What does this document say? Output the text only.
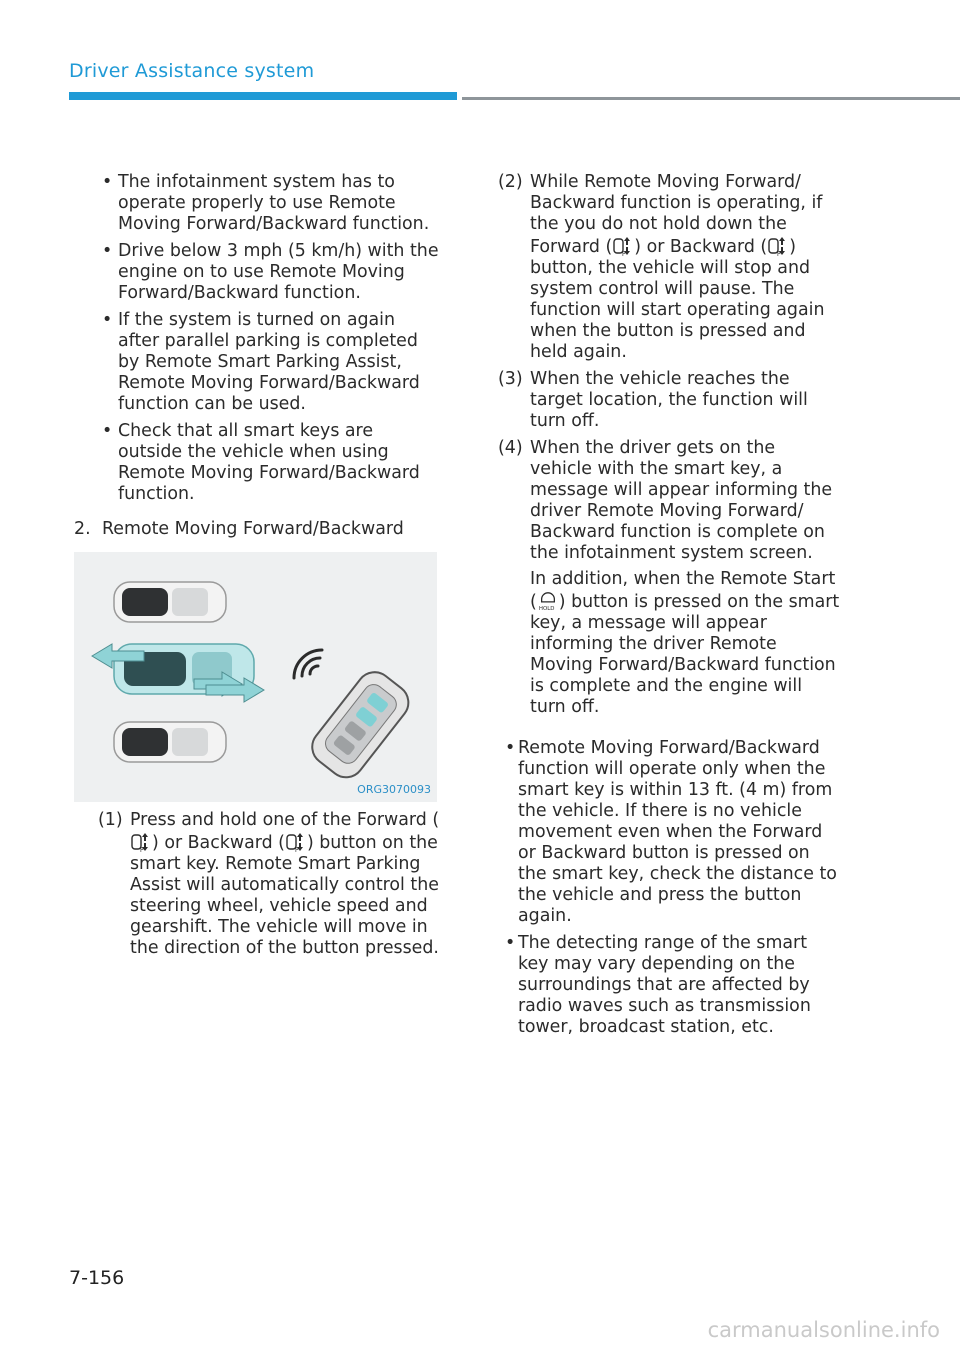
Driver Assistance system
• The infotainment system has to operate properly to use Remote Moving Forward/Backward function.
• Drive below 3 mph (5 km/h) with the engine on to use Remote Moving Forward/Backward function.
• If the system is turned on again after parallel parking is completed by Remote Smart Parking Assist, Remote Moving Forward/Backward function can be used.
• Check that all smart keys are outside the vehicle when using Remote Moving Forward/Backward function.
2. Remote Moving Forward/Backward
ORG3070093
(1) Press and hold one of the Forward (
P ) or Backward ( P ) button on the smart key. Remote Smart Parking Assist will automatically control the steering wheel, vehicle speed and gearshift. The vehicle will move in the direction of the button pressed.
(2) While Remote Moving Forward/ Backward function is operating, if the you do not hold down the Forward ( P ) or Backward ( P ) button, the vehicle will stop and system control will pause. The function will start operating again when the button is pressed and held again.
(3) When the vehicle reaches the target location, the function will turn off.
(4) When the driver gets on the vehicle with the smart key, a message will appear informing the driver Remote Moving Forward/ Backward function is complete on the infotainment system screen.
In addition, when the Remote Start ( HOLD ) button is pressed on the smart key, a message will appear informing the driver Remote Moving Forward/Backward function is complete and the engine will turn off.
• Remote Moving Forward/Backward function will operate only when the smart key is within 13 ft. (4 m) from the vehicle. If there is no vehicle movement even when the Forward or Backward button is pressed on the smart key, check the distance to the vehicle and press the button again.
• The detecting range of the smart key may vary depending on the surroundings that are affected by radio waves such as transmission tower, broadcast station, etc.
7-156
carmanualsonline.info
